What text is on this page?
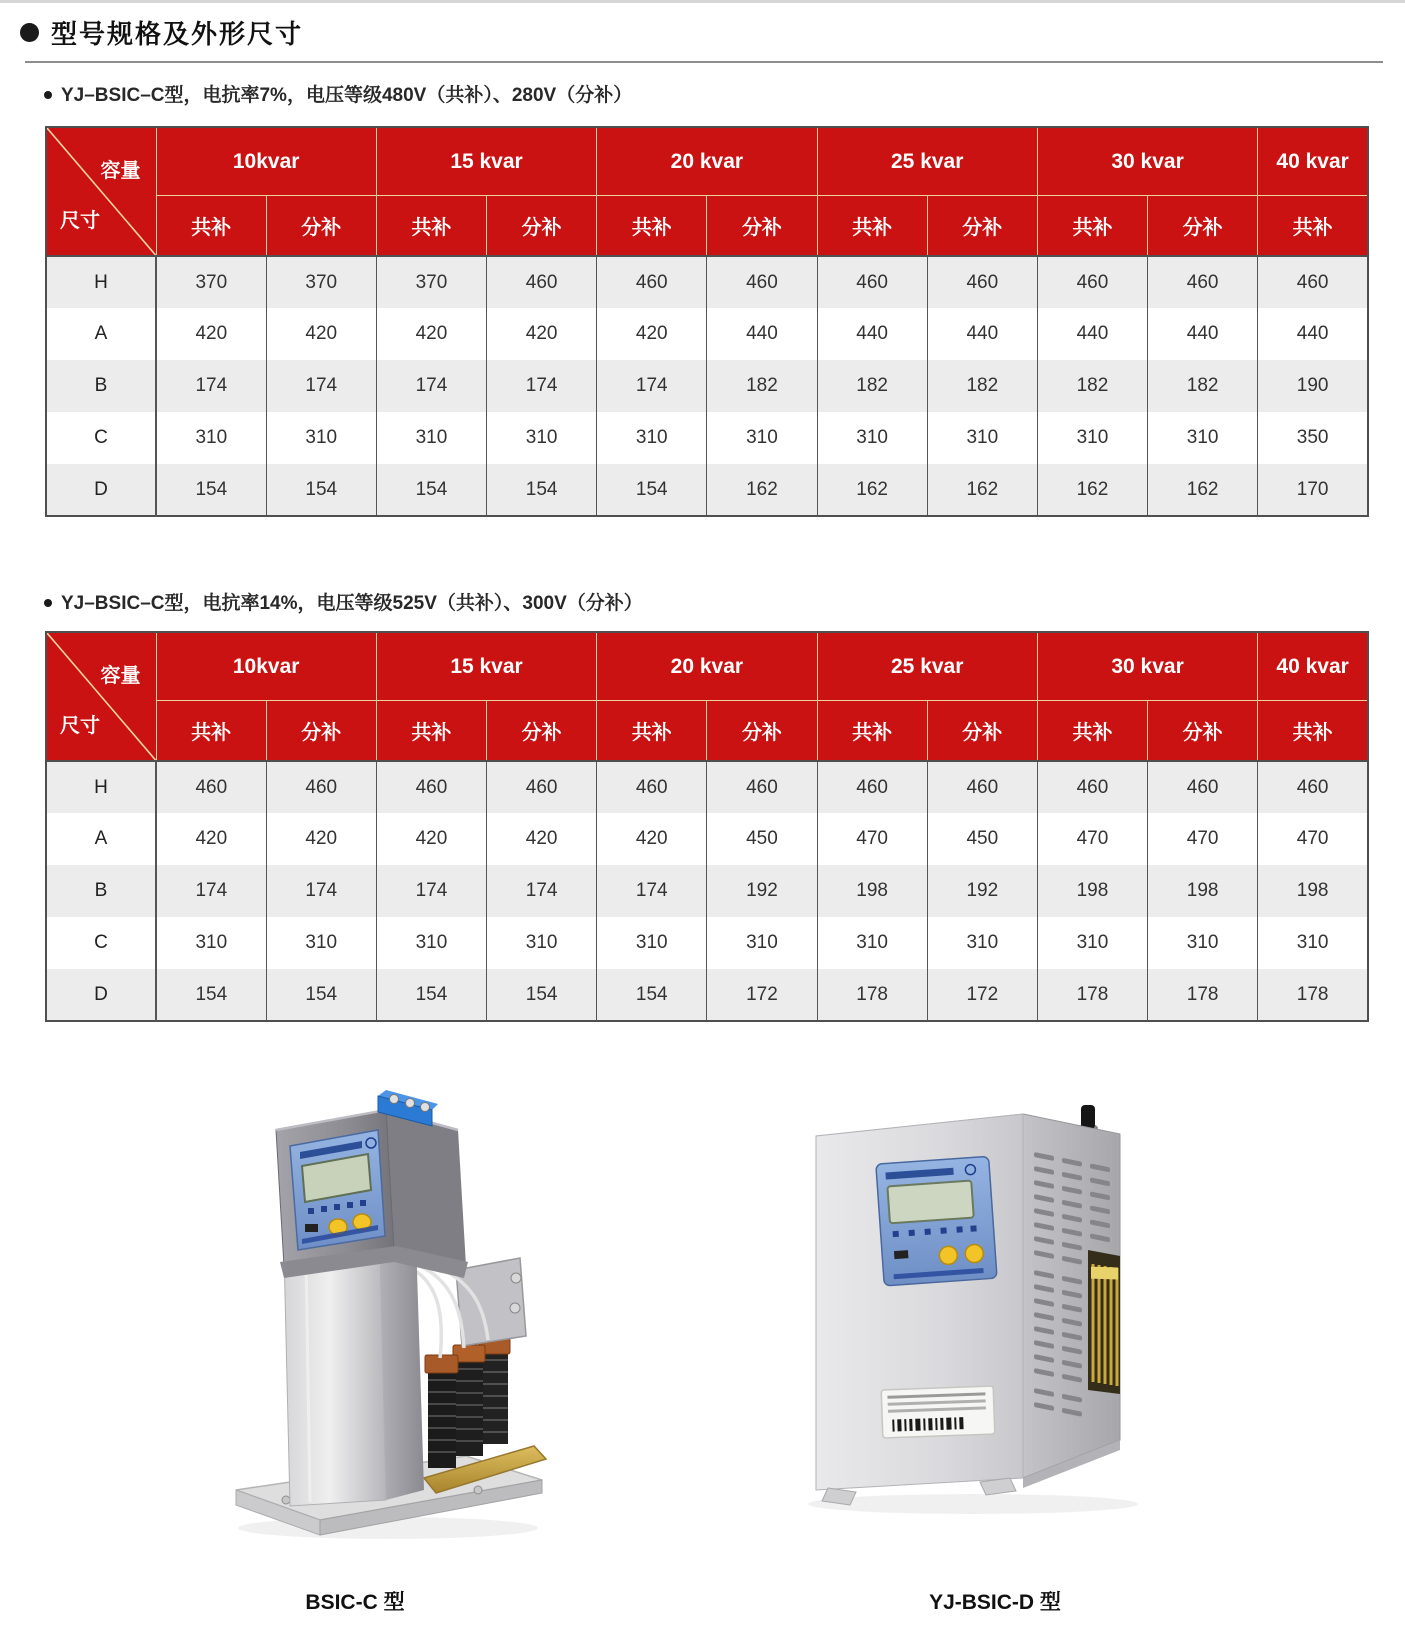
型号规格及外形尺寸
YJ–BSIC–C型，电抗率7%，电压等级480V（共补）、280V（分补）
容量
尺寸	10kvar		15 kvar		20 kvar		25 kvar		30 kvar		40 kvar
	共补	分补	共补	分补	共补	分补	共补	分补	共补	分补	共补
H	370	370	370	460	460	460	460	460	460	460	460
A	420	420	420	420	420	440	440	440	440	440	440
B	174	174	174	174	174	182	182	182	182	182	190
C	310	310	310	310	310	310	310	310	310	310	350
D	154	154	154	154	154	162	162	162	162	162	170
YJ–BSIC–C型，电抗率14%，电压等级525V（共补）、300V（分补）
容量
尺寸	10kvar		15 kvar		20 kvar		25 kvar		30 kvar		40 kvar
	共补	分补	共补	分补	共补	分补	共补	分补	共补	分补	共补
H	460	460	460	460	460	460	460	460	460	460	460
A	420	420	420	420	420	450	470	450	470	470	470
B	174	174	174	174	174	192	198	192	198	198	198
C	310	310	310	310	310	310	310	310	310	310	310
D	154	154	154	154	154	172	178	172	178	178	178
BSIC-C 型	YJ-BSIC-D 型
